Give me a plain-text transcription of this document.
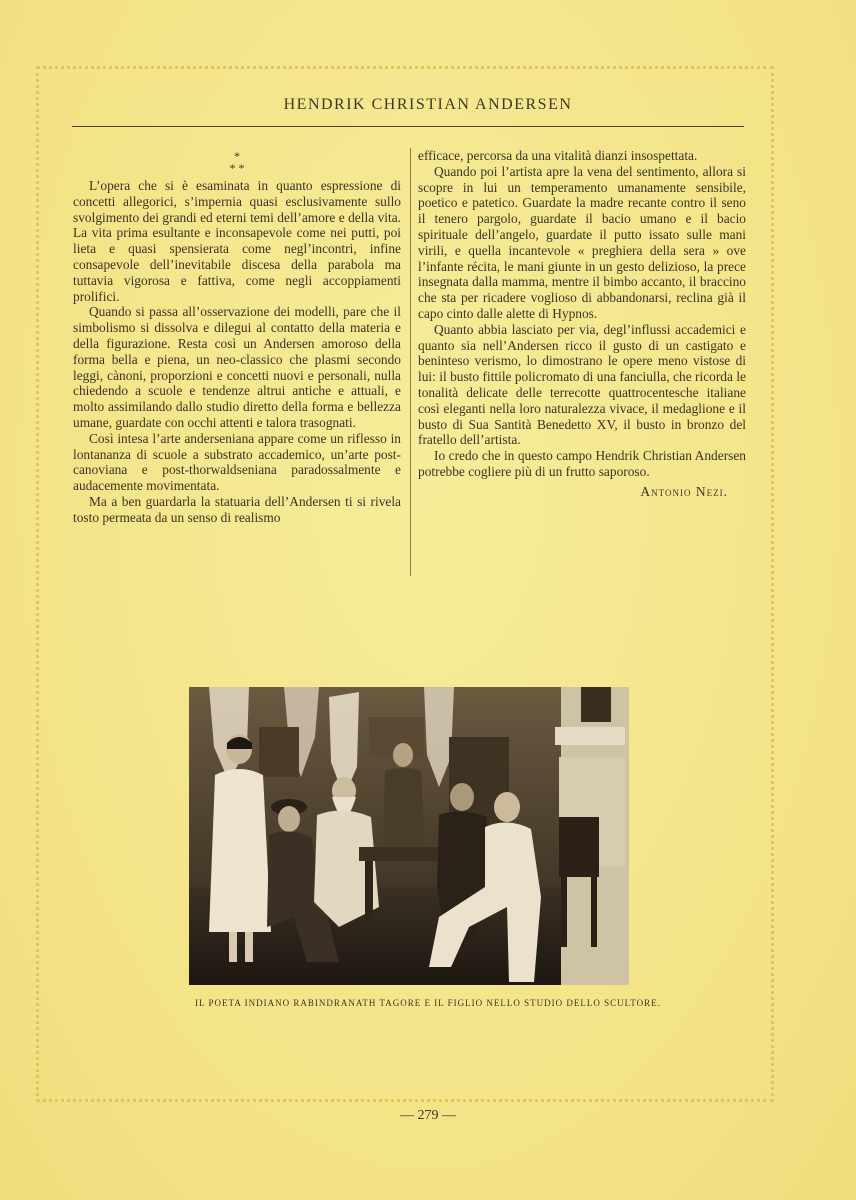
HENDRIK CHRISTIAN ANDERSEN
*
* *

L’opera che si è esaminata in quanto espressione di concetti allegorici, s’impernia quasi esclusivamente sullo svolgimento dei grandi ed eterni temi dell’amore e della vita. La vita prima esultante e inconsapevole come nei putti, poi lieta e quasi spensierata come negl’incontri, infine consapevole dell’inevitabile discesa della parabola ma tuttavia vigorosa e fattiva, come negli accoppiamenti prolifici.

Quando si passa all’osservazione dei modelli, pare che il simbolismo si dissolva e dilegui al contatto della materia e della figurazione. Resta così un Andersen amoroso della forma bella e piena, un neo-classico che plasmi secondo leggi, cànoni, proporzioni e concetti nuovi e personali, nulla chiedendo a scuole e tendenze altrui antiche e attuali, e molto assimilando dallo studio diretto della forma e bellezza umane, guardate con occhi attenti e talora trasognati.

Così intesa l’arte anderseniana appare come un riflesso in lontananza di scuole a substrato accademico, un’arte post-canoviana e post-thorwaldseniana paradossalmente e audacemente movimentata.

Ma a ben guardarla la statuaria dell’Andersen ti si rivela tosto permeata da un senso di realismo

efficace, percorsa da una vitalità dianzi insospettata.

Quando poi l’artista apre la vena del sentimento, allora si scopre in lui un temperamento umanamente sensibile, poetico e patetico. Guardate la madre recante contro il seno il tenero pargolo, guardate il bacio umano e il bacio spirituale dell’angelo, guardate il putto issato sulle mani virili, e quella incantevole « preghiera della sera » ove l’infante récita, le mani giunte in un gesto delizioso, la prece insegnata dalla mamma, mentre il bimbo accanto, il braccino che sta per ricadere voglioso di abbandonarsi, reclina già il capo cinto dalle alette di Hypnos.

Quanto abbia lasciato per via, degl’influssi accademici e quanto sia nell’Andersen ricco il gusto di un castigato e beninteso verismo, lo dimostrano le opere meno vistose di lui: il busto fittile policromato di una fanciulla, che ricorda le tonalità delicate delle terrecotte quattrocentesche italiane così eleganti nella loro naturalezza vivace, il medaglione e il busto di Sua Santità Benedetto XV, il busto in bronzo del fratello dell’artista.

Io credo che in questo campo Hendrik Christian Andersen potrebbe cogliere più di un frutto saporoso.

Antonio Nezi.
IL POETA INDIANO RABINDRANATH TAGORE E IL FIGLIO NELLO STUDIO DELLO SCULTORE.
— 279 —
